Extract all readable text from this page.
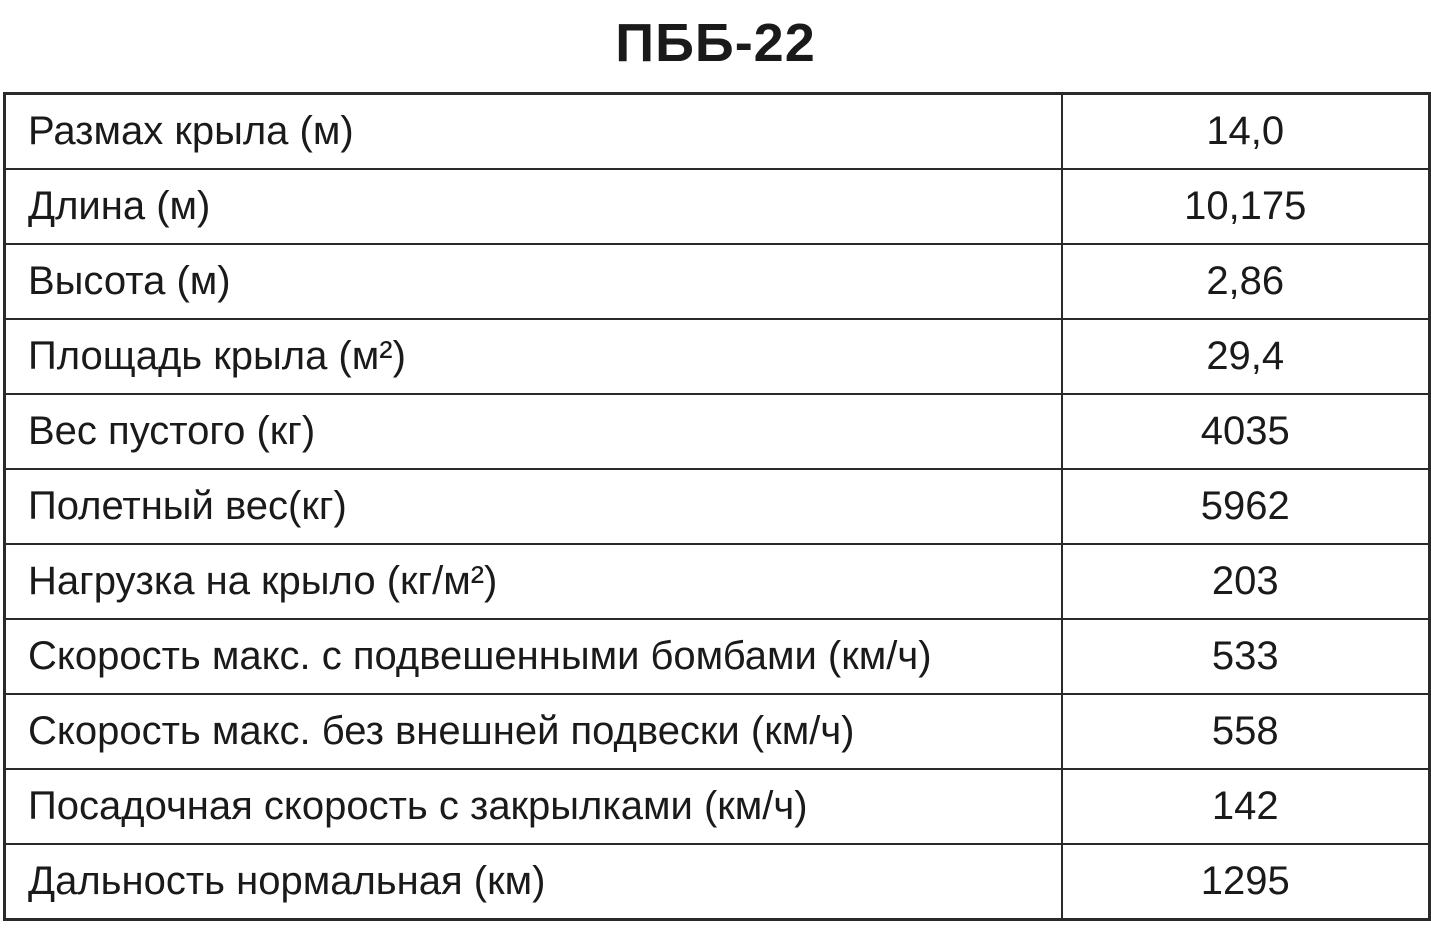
ПББ-22
Размах крыла (м)	14,0
Длина (м)	10,175
Высота (м)	2,86
Площадь крыла (м²)	29,4
Вес пустого (кг)	4035
Полетный вес(кг)	5962
Нагрузка на крыло (кг/м²)	203
Скорость макс. с подвешенными бомбами (км/ч)	533
Скорость макс. без внешней подвески (км/ч)	558
Посадочная скорость с закрылками (км/ч)	142
Дальность нормальная (км)	1295
